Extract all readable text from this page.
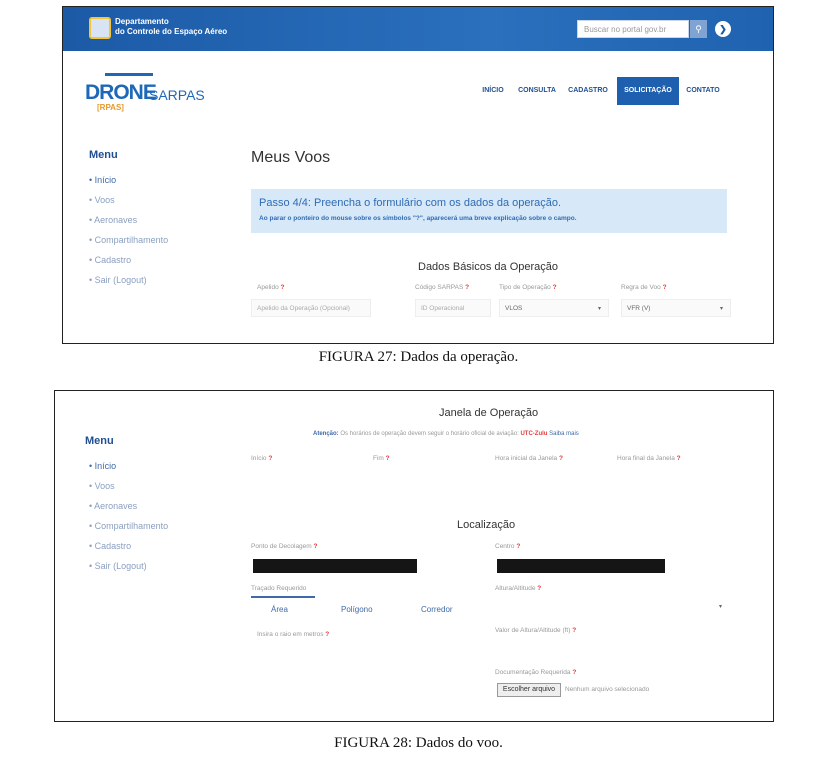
Departamento
do Controle do Espaço Aéreo	Buscar no portal gov.br	⚲	❯
DRONE
SARPAS
[RPAS]
INÍCIO	CONSULTA	CADASTRO	SOLICITAÇÃO	CONTATO
Menu
• Início
• Voos
• Aeronaves
• Compartilhamento
• Cadastro
• Sair (Logout)
Meus Voos
Passo 4/4: Preencha o formulário com os dados da operação.
Ao parar o ponteiro do mouse sobre os símbolos "?", aparecerá uma breve explicação sobre o campo.
Dados Básicos da Operação
Apelido ?
Apelido da Operação (Opcional)
Código SARPAS ?
ID Operacional
Tipo de Operação ?
VLOS	▾
Regra de Voo ?
VFR (V)	▾
FIGURA 27: Dados da operação.
Janela de Operação
Atenção: Os horários de operação devem seguir o horário oficial de aviação: UTC-Zulu Saiba mais
Menu
• Início
• Voos
• Aeronaves
• Compartilhamento
• Cadastro
• Sair (Logout)
Início ?	Fim ?	Hora inicial da Janela ?	Hora final da Janela ?
Localização
Ponto de Decolagem ?	Centro ?
Traçado Requerido
Área	Polígono	Corredor
Insira o raio em metros ?
Altura/Altitude ?
▾
Valor de Altura/Altitude (ft) ?
Documentação Requerida ?
Escolher arquivo	Nenhum arquivo selecionado
FIGURA 28: Dados do voo.
